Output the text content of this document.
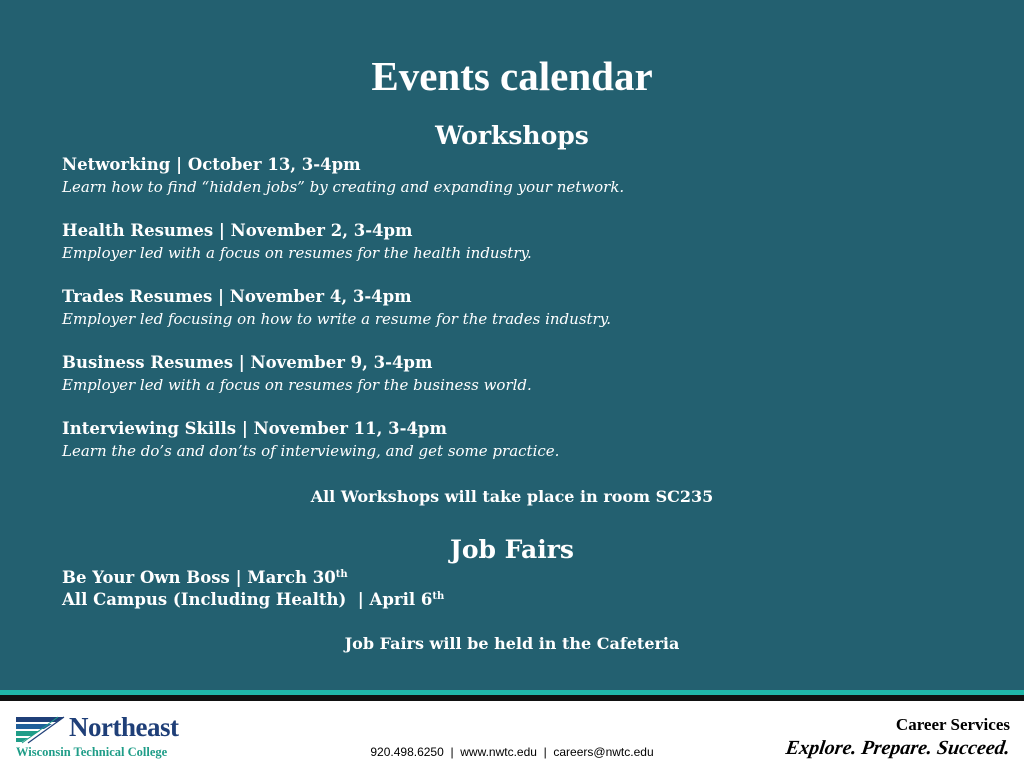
Events calendar
Workshops
Networking | October 13, 3-4pm
Learn how to find “hidden jobs” by creating and expanding your network.
Health Resumes | November 2, 3-4pm
Employer led with a focus on resumes for the health industry.
Trades Resumes | November 4, 3-4pm
Employer led focusing on how to write a resume for the trades industry.
Business Resumes | November 9, 3-4pm
Employer led with a focus on resumes for the business world.
Interviewing Skills | November 11, 3-4pm
Learn the do’s and don’ts of interviewing, and get some practice.
All Workshops will take place in room SC235
Job Fairs
Be Your Own Boss | March 30th
All Campus (Including Health)  | April 6th
Job Fairs will be held in the Cafeteria
Northeast
Wisconsin Technical College	920.498.6250  |  www.nwtc.edu  |  careers@nwtc.edu
Career Services
Explore. Prepare. Succeed.
